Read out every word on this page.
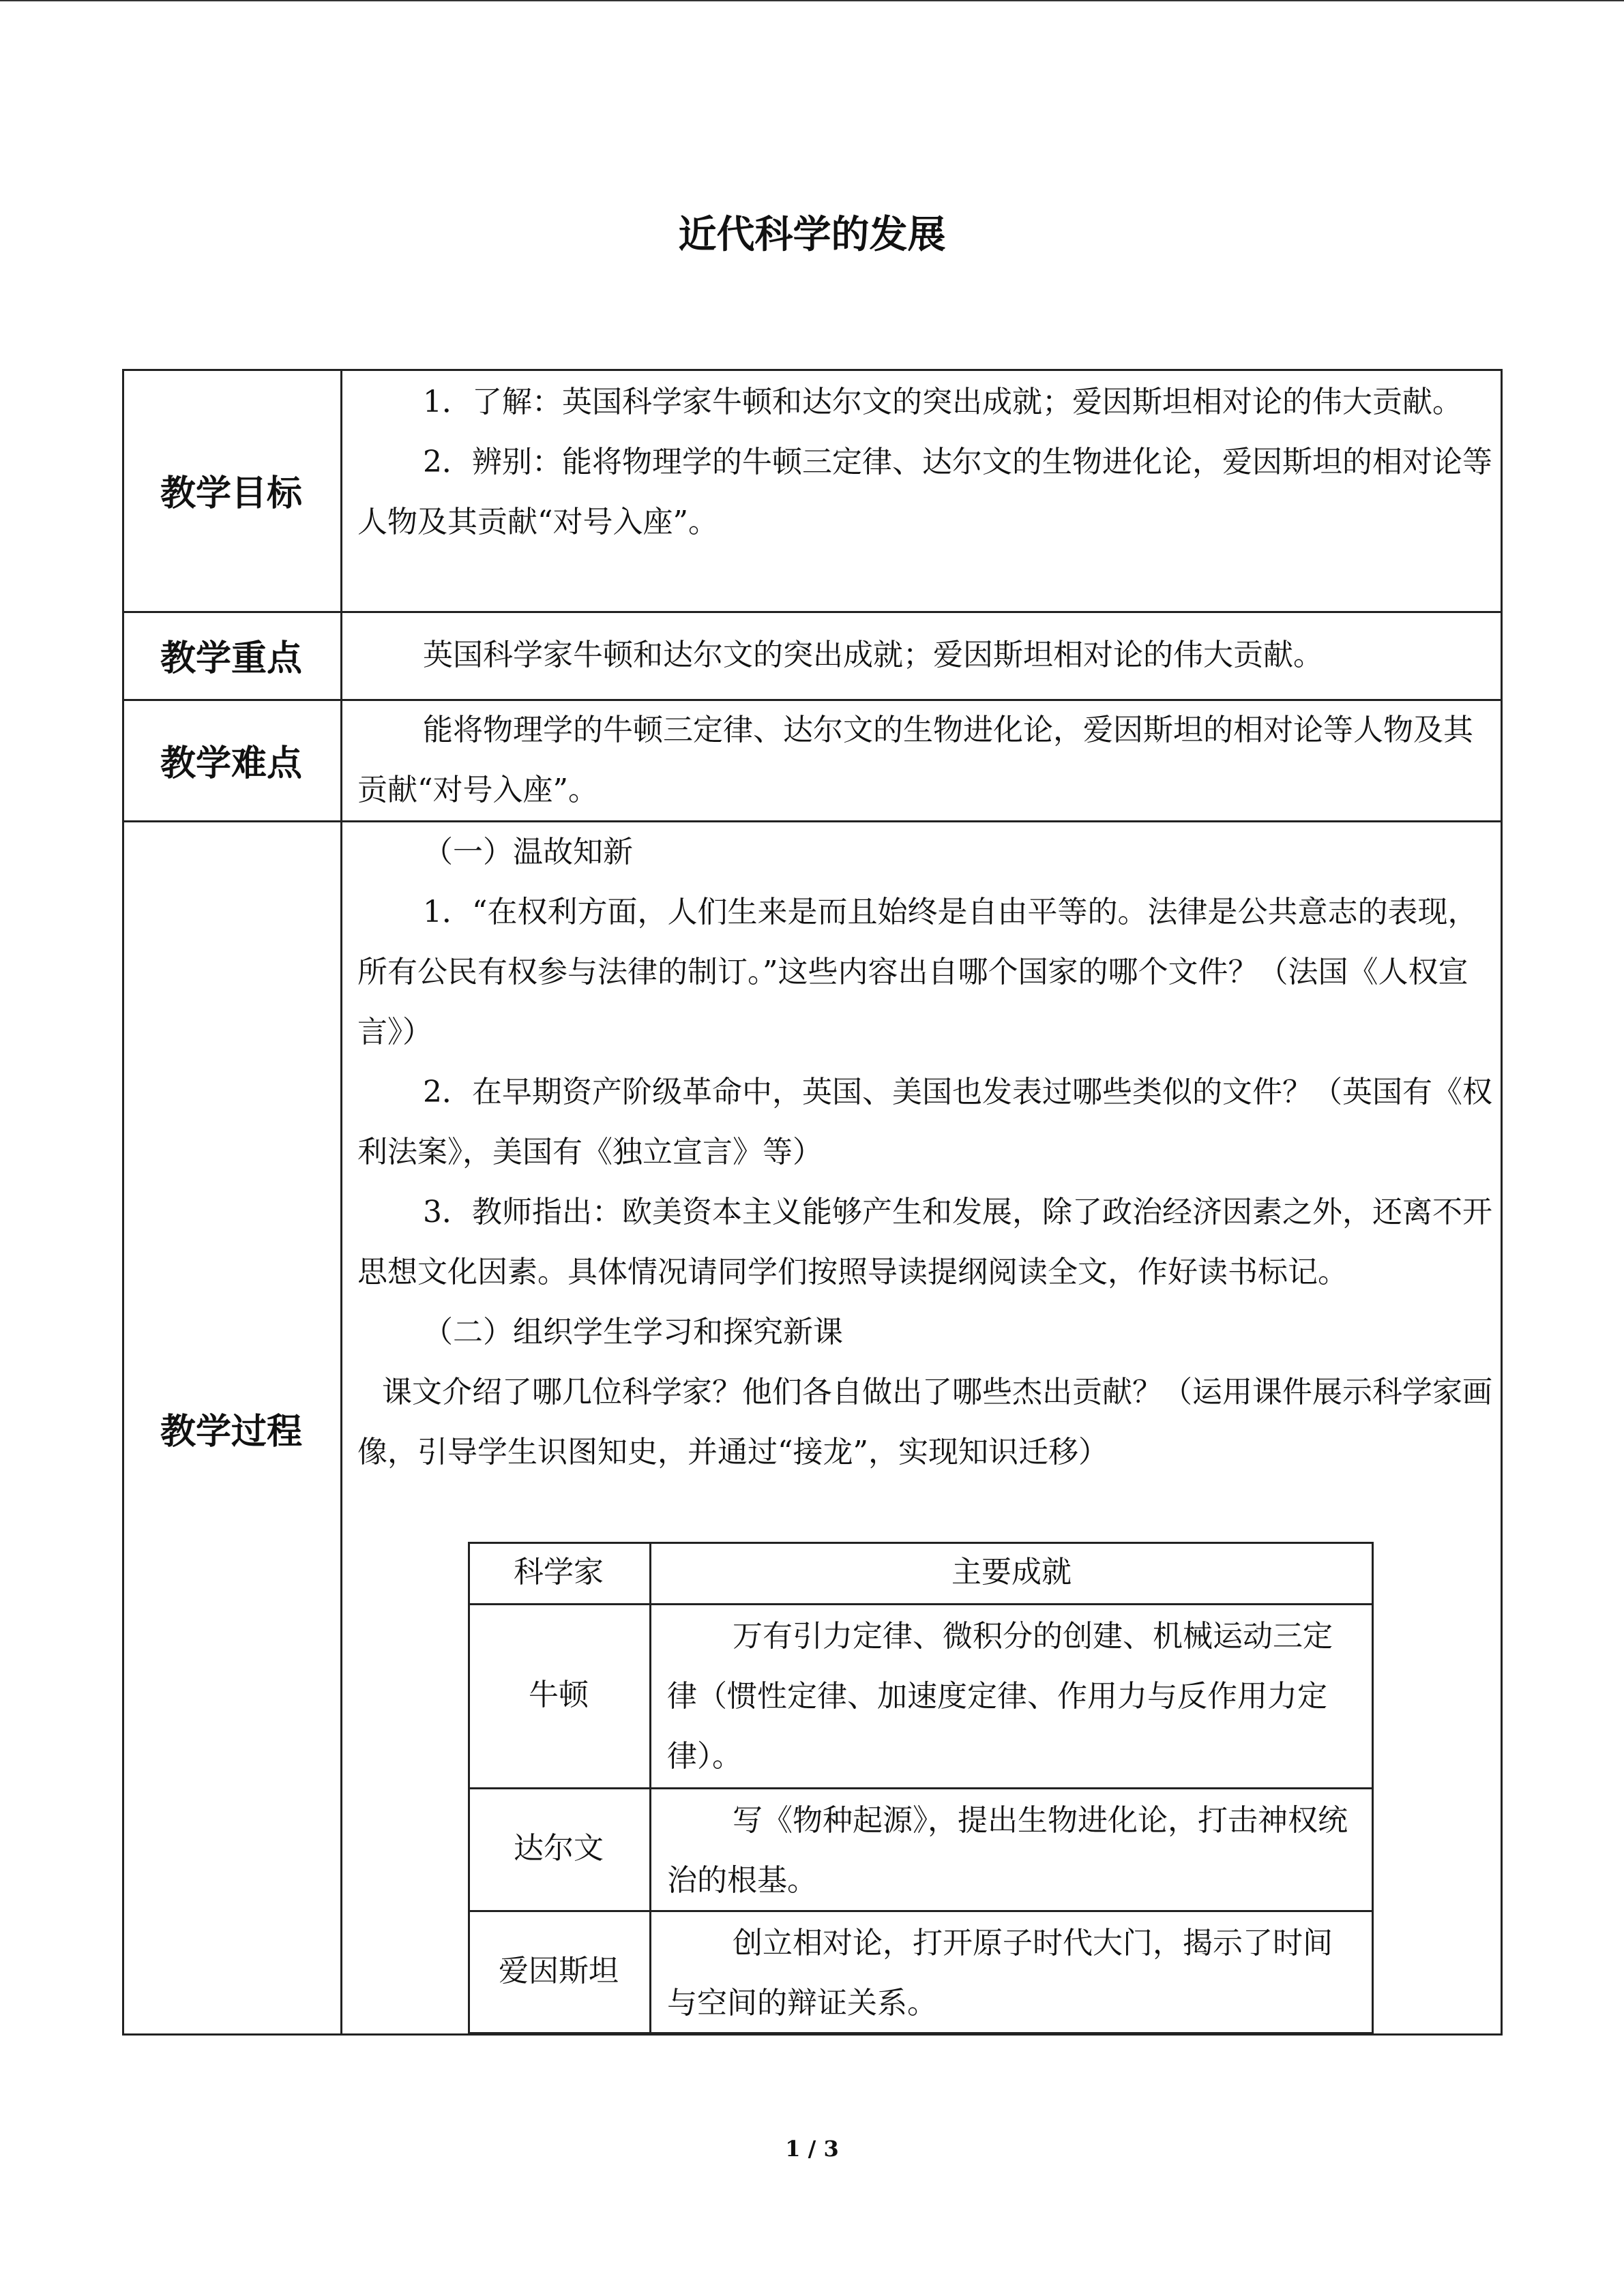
近代科学的发展
教学目标

1．了解：英国科学家牛顿和达尔文的突出成就；爱因斯坦相对论的伟大贡献。

2．辨别：能将物理学的牛顿三定律、达尔文的生物进化论，爱因斯坦的相对论等人物及其贡献“对号入座”。

教学重点	英国科学家牛顿和达尔文的突出成就；爱因斯坦相对论的伟大贡献。

教学难点

能将物理学的牛顿三定律、达尔文的生物进化论，爱因斯坦的相对论等人物及其贡献“对号入座”。

教学过程

（一）温故知新

1．“在权利方面，人们生来是而且始终是自由平等的。法律是公共意志的表现，所有公民有权参与法律的制订。”这些内容出自哪个国家的哪个文件？（法国《人权宣言》）

2．在早期资产阶级革命中，英国、美国也发表过哪些类似的文件？（英国有《权利法案》，美国有《独立宣言》等）

3．教师指出：欧美资本主义能够产生和发展，除了政治经济因素之外，还离不开思想文化因素。具体情况请同学们按照导读提纲阅读全文，作好读书标记。

（二）组织学生学习和探究新课

课文介绍了哪几位科学家？他们各自做出了哪些杰出贡献？（运用课件展示科学家画像，引导学生识图知史，并通过“接龙”，实现知识迁移）

科学家	主要成就
牛顿

万有引力定律、微积分的创建、机械运动三定律（惯性定律、加速度定律、作用力与反作用力定律）。

达尔文

写《物种起源》，提出生物进化论，打击神权统治的根基。

爱因斯坦

创立相对论，打开原子时代大门，揭示了时间与空间的辩证关系。

1 / 3
